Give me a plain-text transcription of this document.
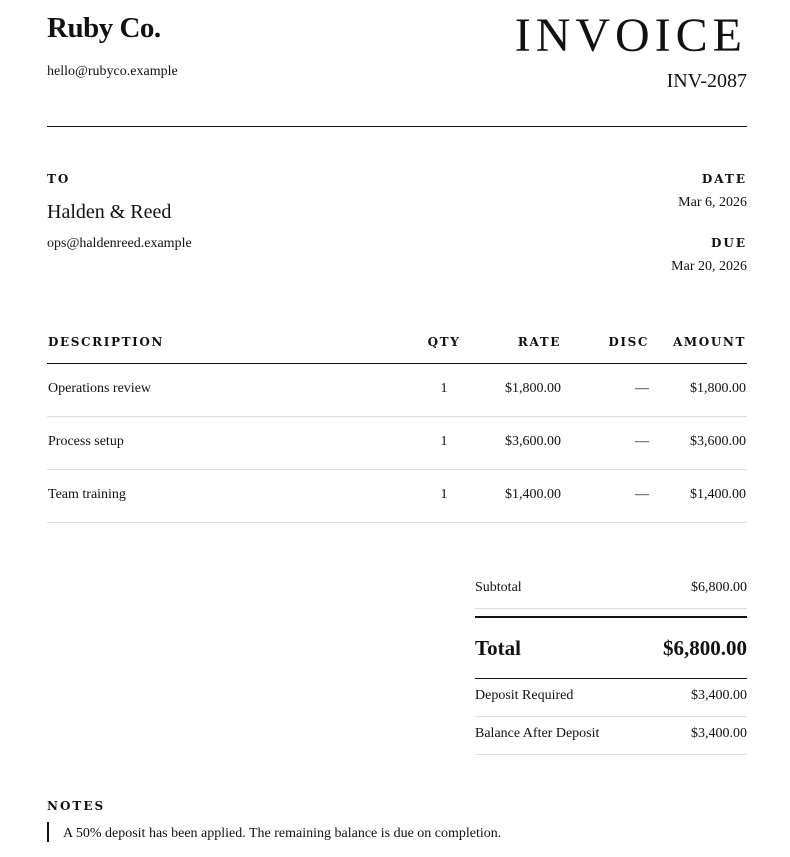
Ruby Co.
hello@rubyco.example
INVOICE
INV-2087
TO
Halden & Reed
ops@haldenreed.example
DATE
Mar 6, 2026
DUE
Mar 20, 2026
DESCRIPTION	QTY	RATE	DISC AMOUNT
Operations review	1	$1,800.00	—	$1,800.00
Process setup	1	$3,600.00	—	$3,600.00
Team training	1	$1,400.00	—	$1,400.00
Subtotal	$6,800.00
Total	$6,800.00
Deposit Required	$3,400.00
Balance After Deposit	$3,400.00
NOTES
A 50% deposit has been applied. The remaining balance is due on completion.
